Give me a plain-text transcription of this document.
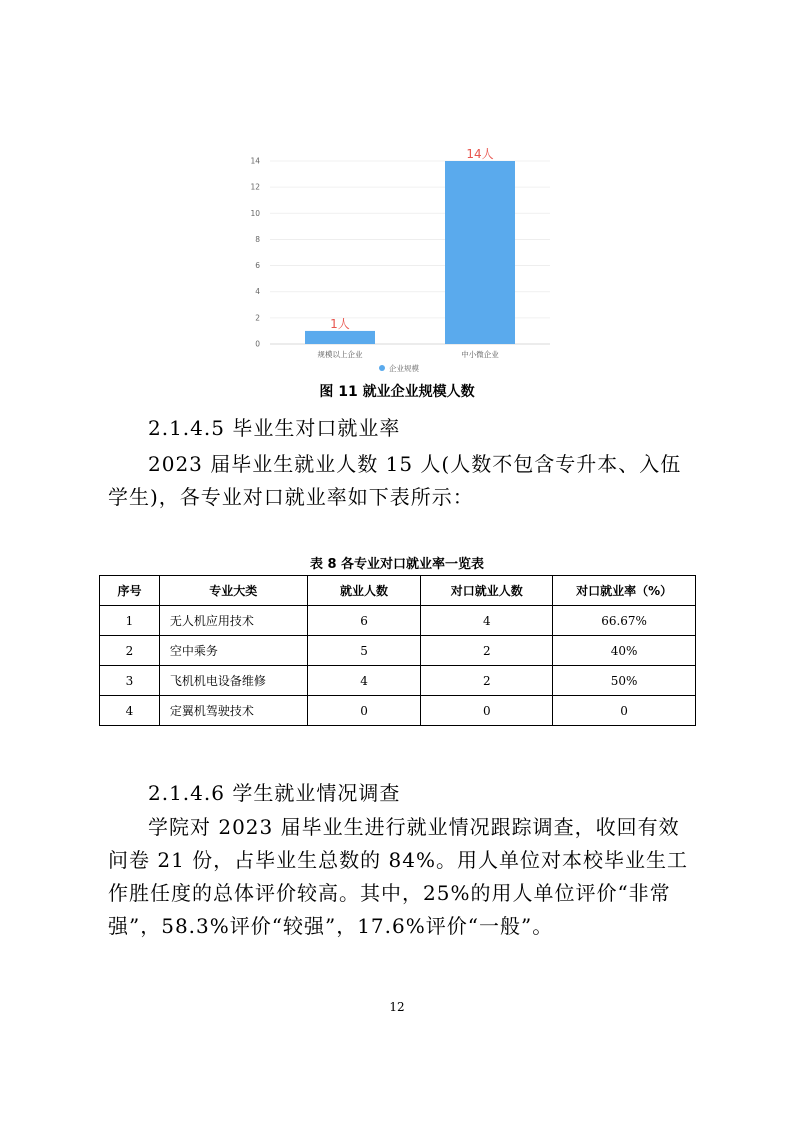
0
2
4
6
8
10
12
14
规模以上企业	中小微企业
1人
14人
企业规模
图 11 就业企业规模人数
2.1.4.5 毕业生对口就业率

2023 届毕业生就业人数 15 人(人数不包含专升本、入伍学生)，各专业对口就业率如下表所示：

表 8 各专业对口就业率一览表
序号	专业大类	就业人数	对口就业人数	对口就业率（%）
1	无人机应用技术	6	4	66.67%
2	空中乘务	5	2	40%
3	飞机机电设备维修	4	2	50%
4	定翼机驾驶技术	0	0	0
2.1.4.6 学生就业情况调查

学院对 2023 届毕业生进行就业情况跟踪调查，收回有效问卷 21 份，占毕业生总数的 84%。用人单位对本校毕业生工作胜任度的总体评价较高。其中，25%的用人单位评价“非常强”，58.3%评价“较强”，17.6%评价“一般”。

12
